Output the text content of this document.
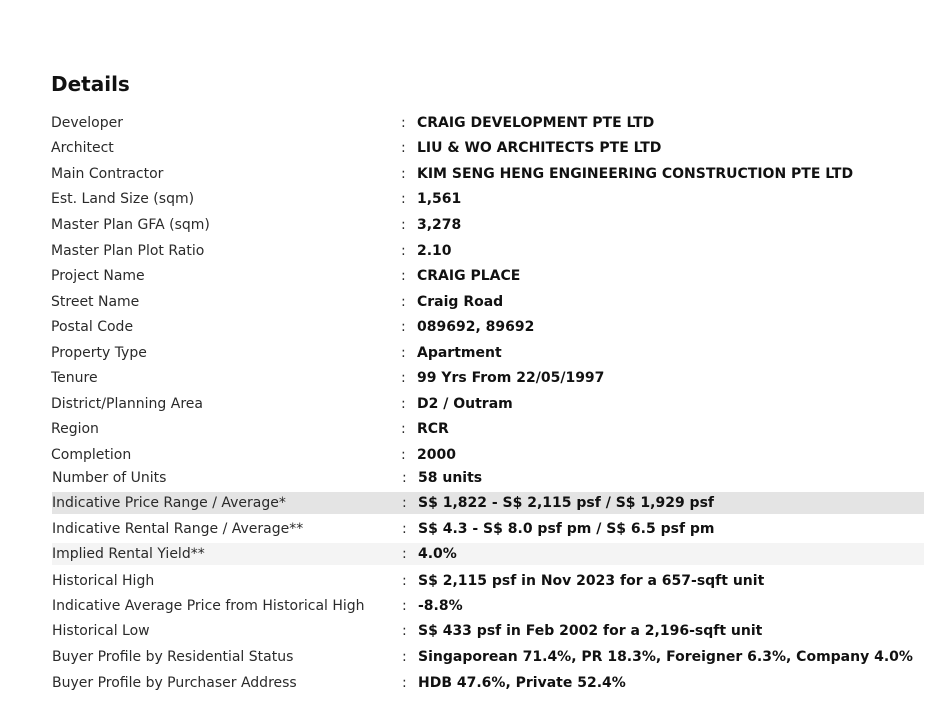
Details
Developer	: CRAIG DEVELOPMENT PTE LTD
Architect	: LIU & WO ARCHITECTS PTE LTD
Main Contractor	: KIM SENG HENG ENGINEERING CONSTRUCTION PTE LTD
Est. Land Size (sqm)	: 1,561
Master Plan GFA (sqm)	: 3,278
Master Plan Plot Ratio	: 2.10
Project Name	: CRAIG PLACE
Street Name	: Craig Road
Postal Code	: 089692, 89692
Property Type	: Apartment
Tenure	: 99 Yrs From 22/05/1997
District/Planning Area	: D2 / Outram
Region	: RCR
Completion	: 2000
Number of Units	: 58 units
Indicative Price Range / Average*	: S$ 1,822 - S$ 2,115 psf / S$ 1,929 psf
Indicative Rental Range / Average**	: S$ 4.3 - S$ 8.0 psf pm / S$ 6.5 psf pm
Implied Rental Yield**	: 4.0%
Historical High	: S$ 2,115 psf in Nov 2023 for a 657-sqft unit
Indicative Average Price from Historical High	: -8.8%
Historical Low	: S$ 433 psf in Feb 2002 for a 2,196-sqft unit
Buyer Profile by Residential Status	: Singaporean 71.4%, PR 18.3%, Foreigner 6.3%, Company 4.0%
Buyer Profile by Purchaser Address	: HDB 47.6%, Private 52.4%
